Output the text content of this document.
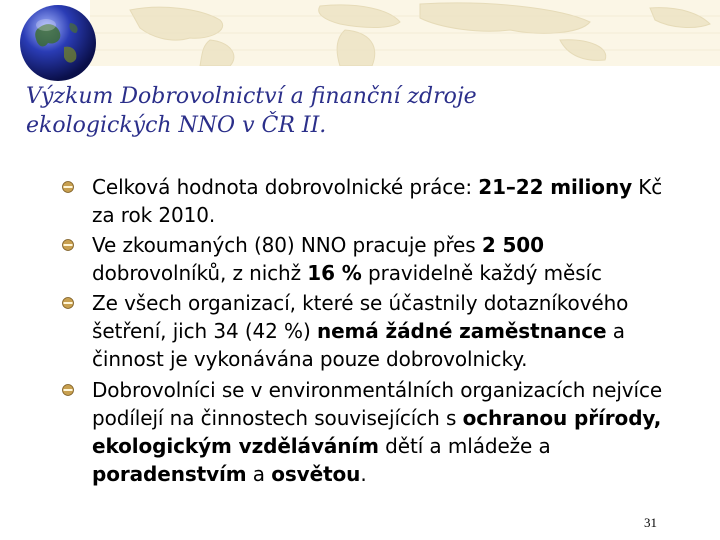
Výzkum Dobrovolnictví a finanční zdroje
ekologických NNO v ČR II.
Celková hodnota dobrovolnické práce: 21–22 miliony Kč za rok 2010.
Ve zkoumaných (80) NNO pracuje přes 2 500 dobrovolníků, z nichž 16 % pravidelně každý měsíc
Ze všech organizací, které se účastnily dotazníkového šetření, jich 34 (42 %) nemá žádné zaměstnance a činnost je vykonávána pouze dobrovolnicky.
Dobrovolníci se v environmentálních organizacích nejvíce podílejí na činnostech souvisejících s ochranou přírody, ekologickým vzděláváním dětí a mládeže a poradenstvím a osvětou.
31
